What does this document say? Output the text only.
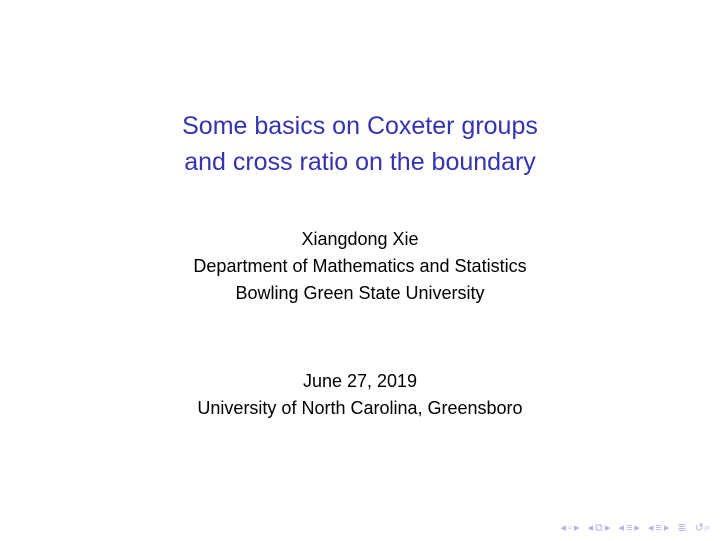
Some basics on Coxeter groups
and cross ratio on the boundary
Xiangdong Xie
Department of Mathematics and Statistics
Bowling Green State University
June 27, 2019
University of North Carolina, Greensboro
◂ ▫ ▸ ◂ ⧉ ▸ ◂ ≡ ▸ ◂ ≡ ▸ ≣ ↺⌕
